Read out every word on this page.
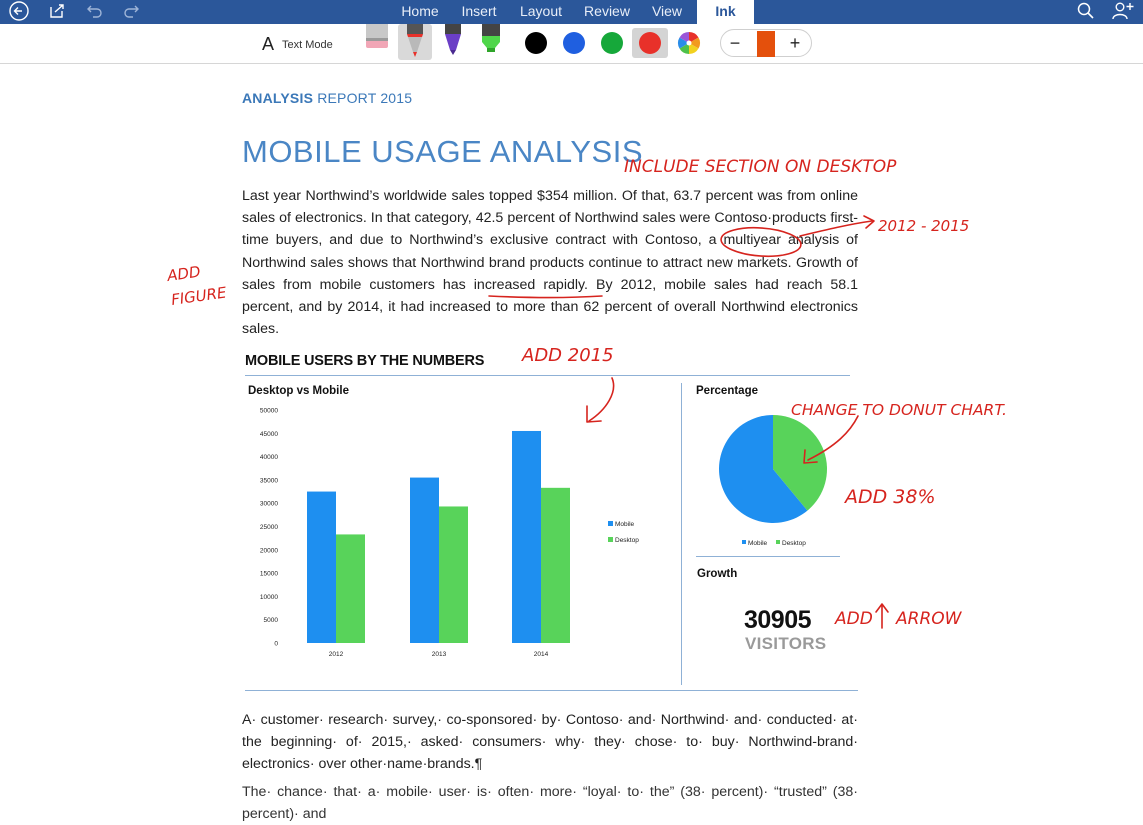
Home	Insert	Layout	Review	View	Ink
A Text Mode	−	+
ANALYSIS REPORT 2015
MOBILE USAGE ANALYSIS
Last year Northwind’s worldwide sales topped $354 million. Of that, 63.7 percent was from online sales of electronics. In that category, 42.5 percent of Northwind sales were Contoso·products first-time buyers, and due to Northwind’s exclusive contract with Contoso, a multiyear analysis of Northwind sales shows that Northwind brand products continue to attract new markets. Growth of sales from mobile customers has increased rapidly. By 2012, mobile sales had reach 58.1 percent, and by 2014, it had increased to more than 62 percent of overall Northwind electronics sales.
MOBILE USERS BY THE NUMBERS
Desktop vs Mobile	Percentage
Growth
30905
VISITORS
0
5000
10000
15000
20000
25000
30000
35000
40000
45000
50000
2012	2013	2014
Mobile
Desktop	Mobile Desktop
A· customer· research· survey,· co-sponsored· by· Contoso· and· Northwind· and· conducted· at· the beginning· of· 2015,· asked· consumers· why· they· chose· to· buy· Northwind-brand· electronics· over other·name·brands.¶
The· chance· that· a· mobile· user· is· often· more· “loyal· to· the” (38· percent)· “trusted” (38· percent)· and
INCLUDE SECTION ON DESKTOP
2012 - 2015
ADD
FIGURE
ADD 2015
CHANGE TO DONUT CHART.
ADD 38%
ADD ARROW
